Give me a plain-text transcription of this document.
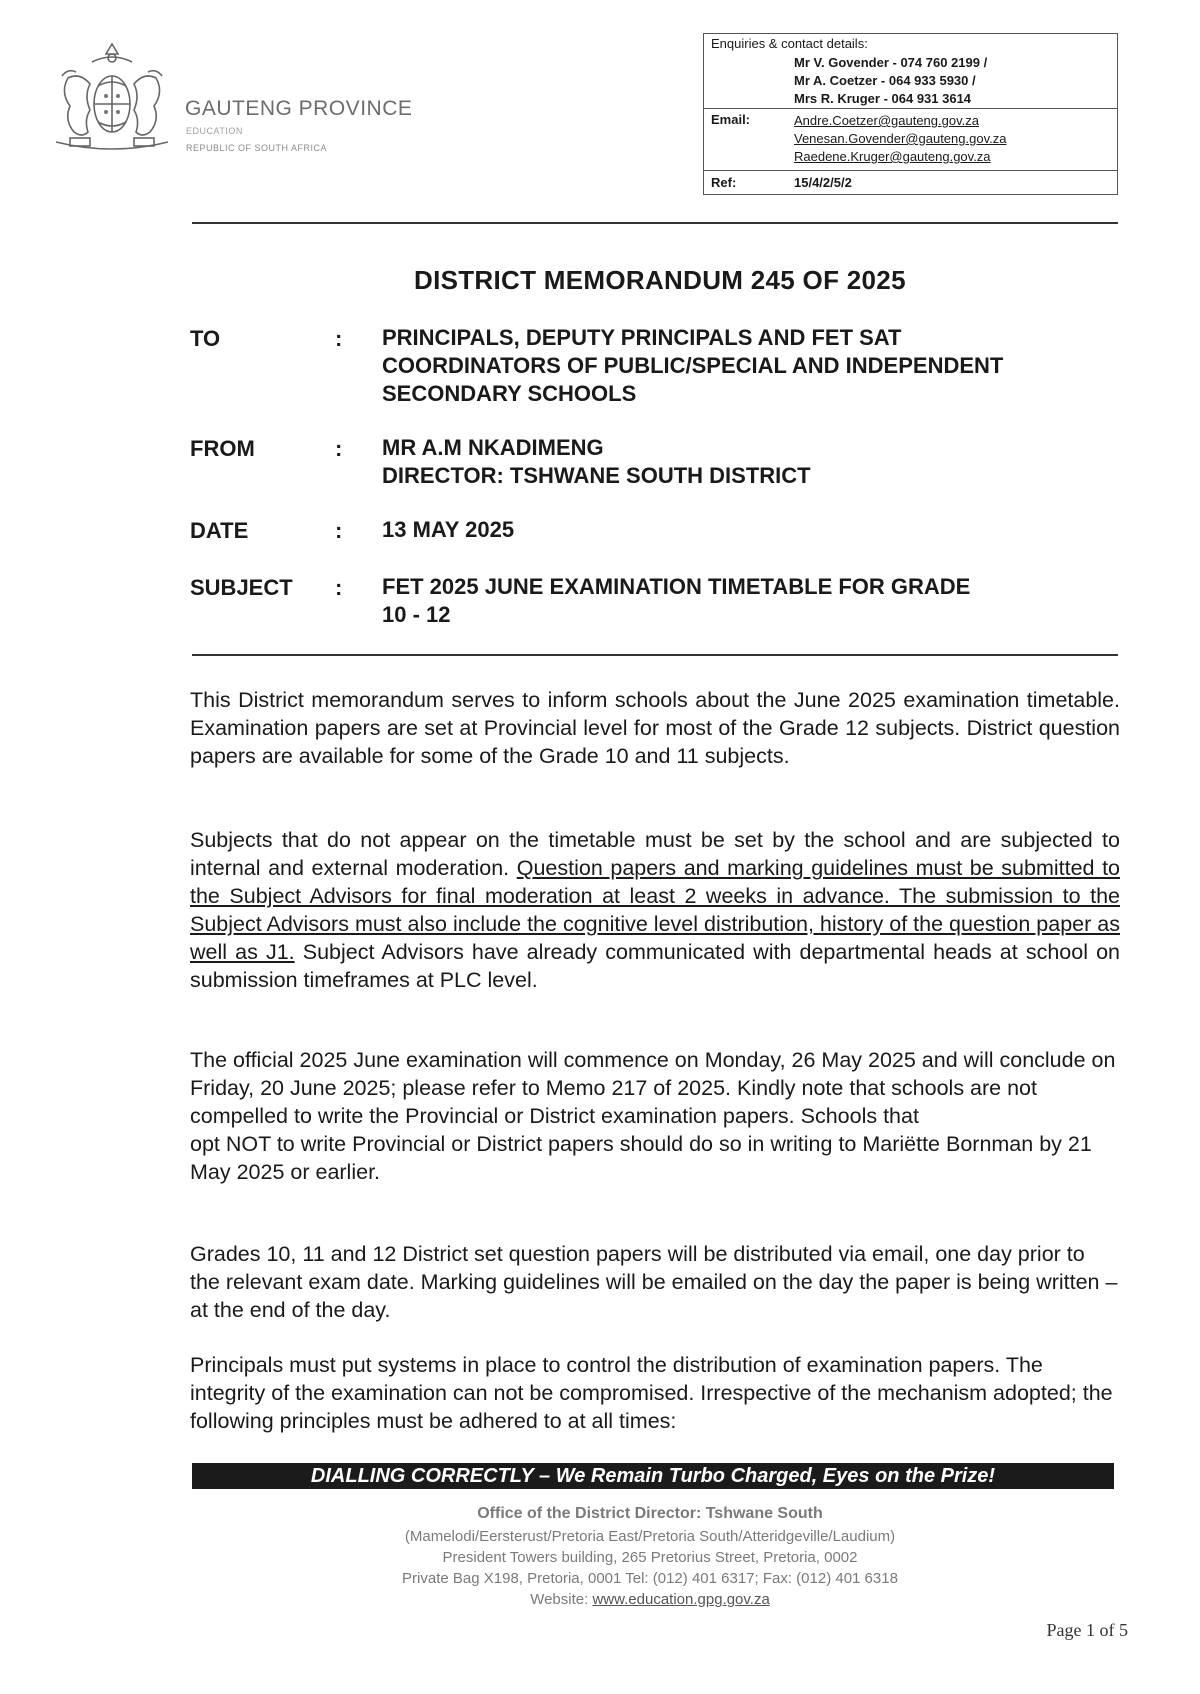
GAUTENG PROVINCE
EDUCATION
REPUBLIC OF SOUTH AFRICA
Enquiries & contact details:
Mr V. Govender - 074 760 2199 /
Mr A. Coetzer - 064 933 5930 /
Mrs R. Kruger - 064 931 3614
Email:	Andre.Coetzer@gauteng.gov.za
Venesan.Govender@gauteng.gov.za
Raedene.Kruger@gauteng.gov.za
Ref:	15/4/2/5/2
DISTRICT MEMORANDUM 245 OF 2025
TO	: PRINCIPALS, DEPUTY PRINCIPALS AND FET SAT
COORDINATORS OF PUBLIC/SPECIAL AND INDEPENDENT
SECONDARY SCHOOLS
FROM	: MR A.M NKADIMENG
DIRECTOR: TSHWANE SOUTH DISTRICT
DATE	: 13 MAY 2025
SUBJECT : FET 2025 JUNE EXAMINATION TIMETABLE FOR GRADE
10 - 12
This District memorandum serves to inform schools about the June 2025 examination timetable. Examination papers are set at Provincial level for most of the Grade 12 subjects. District question papers are available for some of the Grade 10 and 11 subjects.
Subjects that do not appear on the timetable must be set by the school and are subjected to internal and external moderation. Question papers and marking guidelines must be submitted to the Subject Advisors for final moderation at least 2 weeks in advance. The submission to the Subject Advisors must also include the cognitive level distribution, history of the question paper as well as J1. Subject Advisors have already communicated with departmental heads at school on submission timeframes at PLC level.
The official 2025 June examination will commence on Monday, 26 May 2025 and will conclude on Friday, 20 June 2025; please refer to Memo 217 of 2025. Kindly note that schools are not compelled to write the Provincial or District examination papers. Schools that
opt NOT to write Provincial or District papers should do so in writing to Mariëtte Bornman by 21 May 2025 or earlier.
Grades 10, 11 and 12 District set question papers will be distributed via email, one day prior to the relevant exam date. Marking guidelines will be emailed on the day the paper is being written – at the end of the day.
Principals must put systems in place to control the distribution of examination papers. The integrity of the examination can not be compromised. Irrespective of the mechanism adopted; the following principles must be adhered to at all times:
DIALLING CORRECTLY – We Remain Turbo Charged, Eyes on the Prize!
Office of the District Director: Tshwane South
(Mamelodi/Eersterust/Pretoria East/Pretoria South/Atteridgeville/Laudium)
President Towers building, 265 Pretorius Street, Pretoria, 0002
Private Bag X198, Pretoria, 0001 Tel: (012) 401 6317; Fax: (012) 401 6318
Website: www.education.gpg.gov.za
Page 1 of 5
